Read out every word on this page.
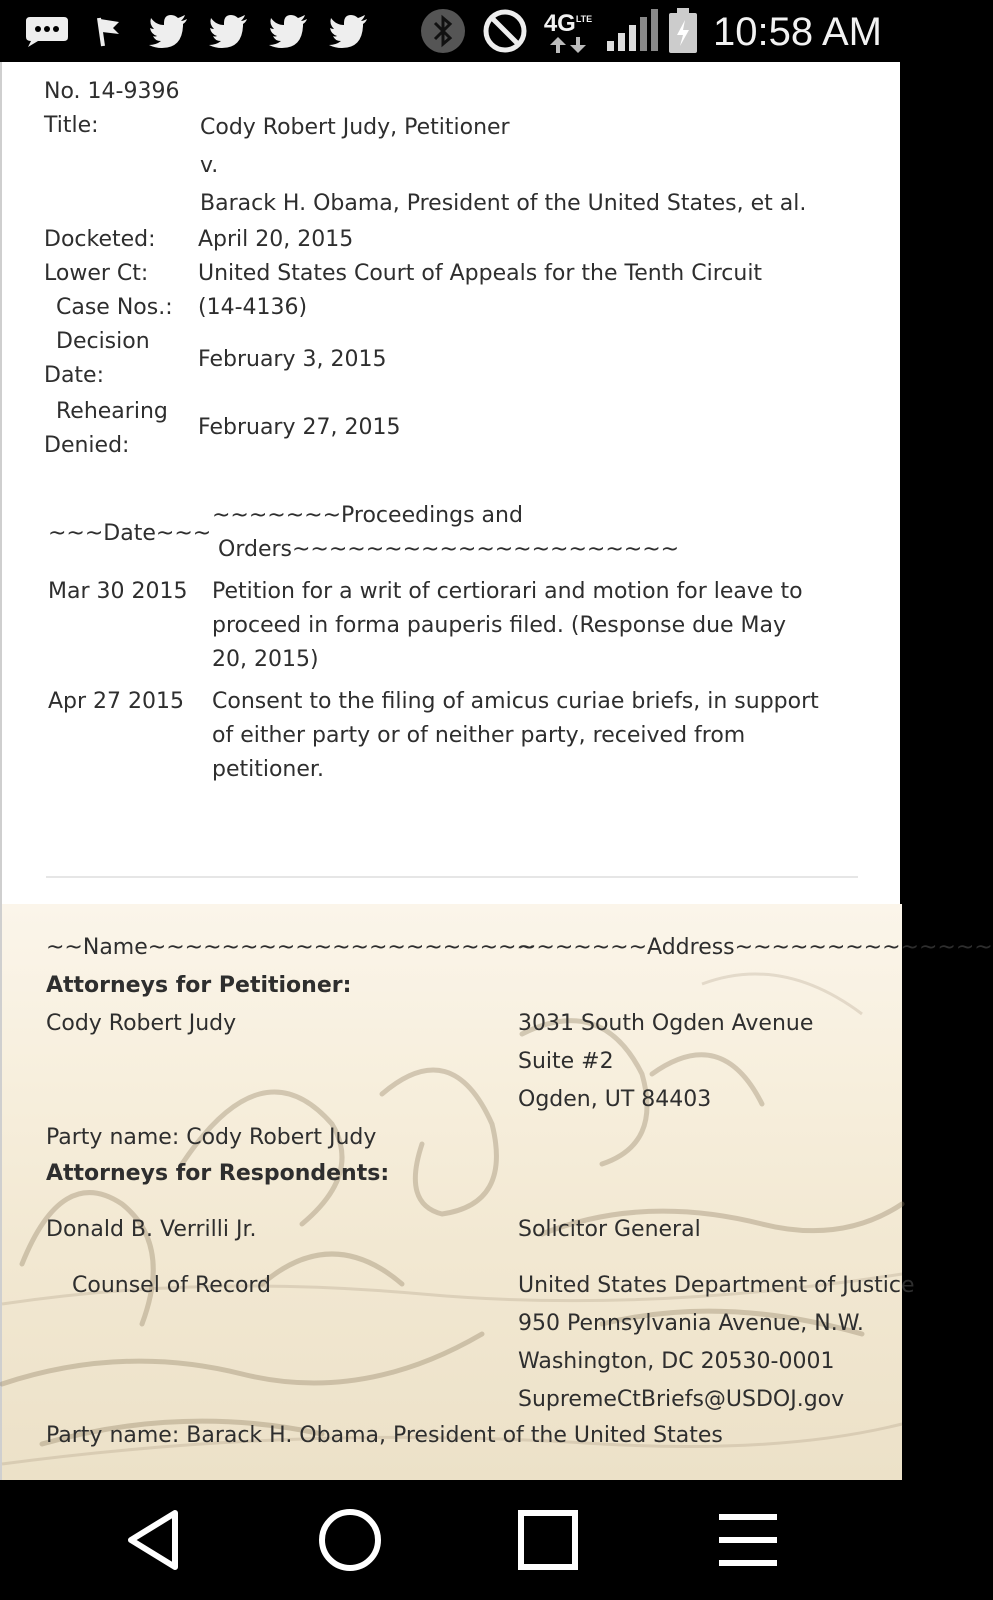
$4G^{LTE}$	10:58 AM
No. 14-9396
Title:	Cody Robert Judy, Petitioner
v.
Barack H. Obama, President of the United States, et al.
Docketed: April 20, 2015
Lower Ct: United States Court of Appeals for the Tenth Circuit
Case Nos.: (14-4136)
Decision
Date:
February 3, 2015
Rehearing
Denied:
February 27, 2015
~~~Date~~~
~~~~~~~Proceedings and
Orders~~~~~~~~~~~~~~~~~~~~~
Mar 30 2015 Petition for a writ of certiorari and motion for leave to
proceed in forma pauperis filed. (Response due May
20, 2015)
Apr 27 2015 Consent to the filing of amicus curiae briefs, in support
of either party or of neither party, received from
petitioner.
~~Name~~~~~~~~~~~~~~~~~~~~~
~~~~~~~Address~~~~~~~~~~~~~~
Attorneys for Petitioner:
Cody Robert Judy	3031 South Ogden Avenue
Suite #2
Ogden, UT 84403
Party name: Cody Robert Judy
Attorneys for Respondents:
Donald B. Verrilli Jr.	Solicitor General
Counsel of Record	United States Department of Justice
950 Pennsylvania Avenue, N.W.
Washington, DC 20530-0001
SupremeCtBriefs@USDOJ.gov
Party name: Barack H. Obama, President of the United States
